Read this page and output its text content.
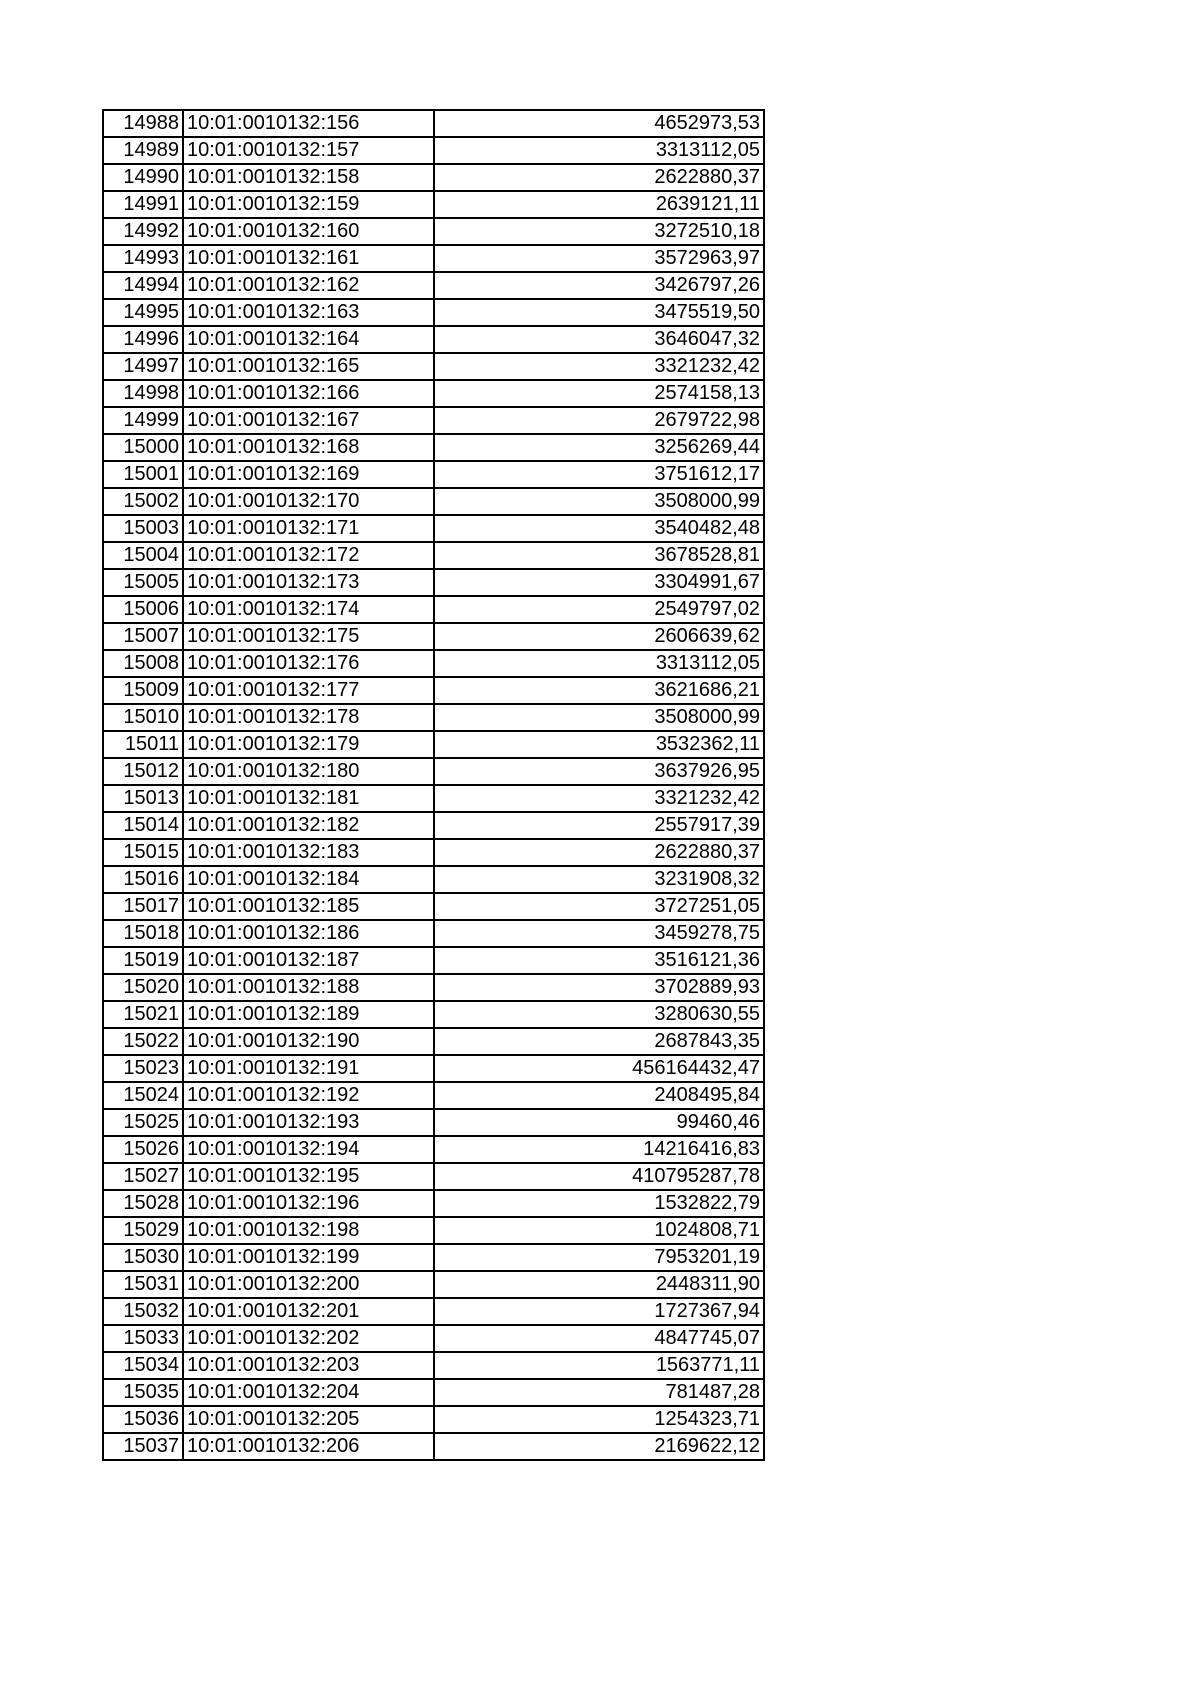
14988	10:01:0010132:156	4652973,53
14989	10:01:0010132:157	3313112,05
14990	10:01:0010132:158	2622880,37
14991	10:01:0010132:159	2639121,11
14992	10:01:0010132:160	3272510,18
14993	10:01:0010132:161	3572963,97
14994	10:01:0010132:162	3426797,26
14995	10:01:0010132:163	3475519,50
14996	10:01:0010132:164	3646047,32
14997	10:01:0010132:165	3321232,42
14998	10:01:0010132:166	2574158,13
14999	10:01:0010132:167	2679722,98
15000	10:01:0010132:168	3256269,44
15001	10:01:0010132:169	3751612,17
15002	10:01:0010132:170	3508000,99
15003	10:01:0010132:171	3540482,48
15004	10:01:0010132:172	3678528,81
15005	10:01:0010132:173	3304991,67
15006	10:01:0010132:174	2549797,02
15007	10:01:0010132:175	2606639,62
15008	10:01:0010132:176	3313112,05
15009	10:01:0010132:177	3621686,21
15010	10:01:0010132:178	3508000,99
15011	10:01:0010132:179	3532362,11
15012	10:01:0010132:180	3637926,95
15013	10:01:0010132:181	3321232,42
15014	10:01:0010132:182	2557917,39
15015	10:01:0010132:183	2622880,37
15016	10:01:0010132:184	3231908,32
15017	10:01:0010132:185	3727251,05
15018	10:01:0010132:186	3459278,75
15019	10:01:0010132:187	3516121,36
15020	10:01:0010132:188	3702889,93
15021	10:01:0010132:189	3280630,55
15022	10:01:0010132:190	2687843,35
15023	10:01:0010132:191	456164432,47
15024	10:01:0010132:192	2408495,84
15025	10:01:0010132:193	99460,46
15026	10:01:0010132:194	14216416,83
15027	10:01:0010132:195	410795287,78
15028	10:01:0010132:196	1532822,79
15029	10:01:0010132:198	1024808,71
15030	10:01:0010132:199	7953201,19
15031	10:01:0010132:200	2448311,90
15032	10:01:0010132:201	1727367,94
15033	10:01:0010132:202	4847745,07
15034	10:01:0010132:203	1563771,11
15035	10:01:0010132:204	781487,28
15036	10:01:0010132:205	1254323,71
15037	10:01:0010132:206	2169622,12
